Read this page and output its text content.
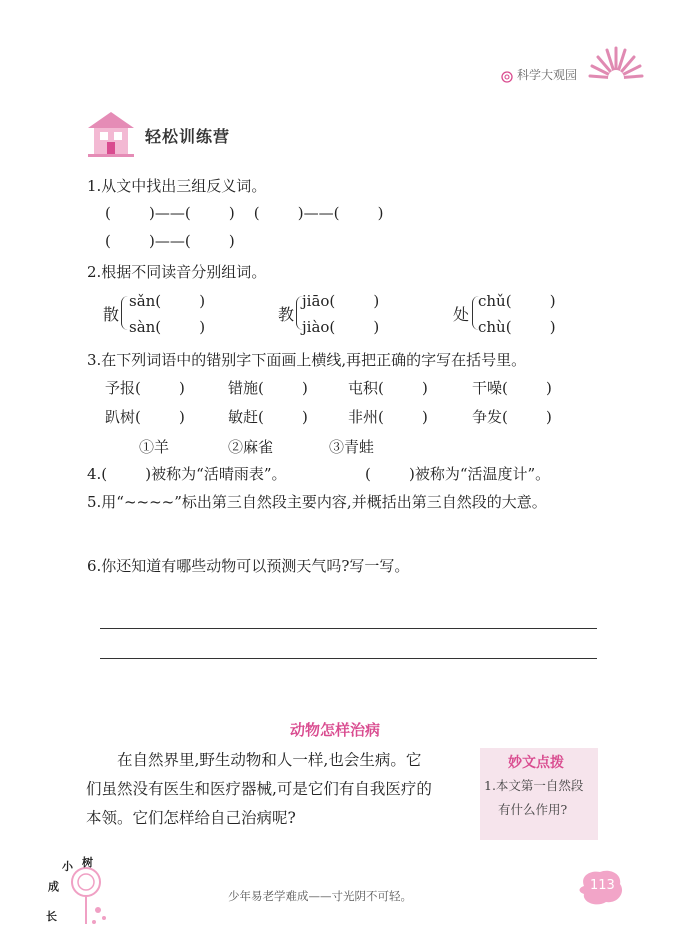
科学大观园
轻松训练营
1.从文中找出三组反义词。
(        )——(        )    (        )——(        )
(        )——(        )
2.根据不同读音分别组词。
散
sǎn(        )
sàn(        )
教
jiāo(        )
jiào(        )
处
chǔ(        )
chù(        )
3.在下列词语中的错别字下面画上横线,再把正确的字写在括号里。
予报(        )	错施(        )	屯积(        )	干噪(        )
趴树(        )	敏赶(        )	非州(        )	争发(        )
①羊	②麻雀	③青蛙
4.(        )被称为“活晴雨表”。	(        )被称为“活温度计”。
5.用“~~~~”标出第三自然段主要内容,并概括出第三自然段的大意。
6.你还知道有哪些动物可以预测天气吗?写一写。
动物怎样治病
在自然界里,野生动物和人一样,也会生病。它
们虽然没有医生和医疗器械,可是它们有自我医疗的
本领。它们怎样给自己治病呢?
妙文点拨
1.本文第一自然段
有什么作用?
小 树
成
长
少年易老学难成——寸光阴不可轻。
113
